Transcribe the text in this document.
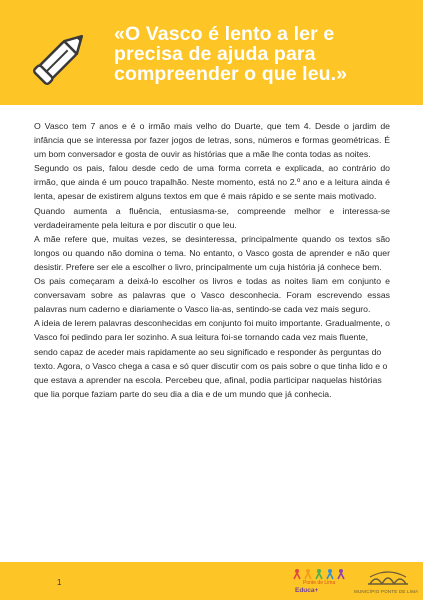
«O Vasco é lento a ler e
precisa de ajuda para
compreender o que leu.»

O Vasco tem 7 anos e é o irmão mais velho do Duarte, que tem 4. Desde o jardim de infância que se interessa por fazer jogos de letras, sons, números e formas geométricas. É um bom conversador e gosta de ouvir as histórias que a mãe lhe conta todas as noites.

Segundo os pais, falou desde cedo de uma forma correta e explicada, ao contrário do irmão, que ainda é um pouco trapalhão. Neste momento, está no 2.º ano e a leitura ainda é lenta, apesar de existirem alguns textos em que é mais rápido e se sente mais motivado.

Quando aumenta a fluência, entusiasma-se, compreende melhor e interessa-se verdadeiramente pela leitura e por discutir o que leu.

A mãe refere que, muitas vezes, se desinteressa, principalmente quando os textos são longos ou quando não domina o tema. No entanto, o Vasco gosta de aprender e não quer desistir. Prefere ser ele a escolher o livro, principalmente um cuja história já conhece bem.

Os pais começaram a deixá-lo escolher os livros e todas as noites liam em conjunto e conversavam sobre as palavras que o Vasco desconhecia. Foram escrevendo essas palavras num caderno e diariamente o Vasco lia-as, sentindo-se cada vez mais seguro.

A ideia de lerem palavras desconhecidas em conjunto foi muito importante. Gradualmente, o Vasco foi pedindo para ler sozinho. A sua leitura foi-se tornando cada vez mais fluente, sendo capaz de aceder mais rapidamente ao seu significado e responder às perguntas do texto. Agora, o Vasco chega a casa e só quer discutir com os pais sobre o que tinha lido e o que estava a aprender na escola. Percebeu que, afinal, podia participar naquelas histórias que lia porque faziam parte do seu dia a dia e de um mundo que já conhecia.

1	Ponte de Lima
Educa+	MUNICÍPIO PONTE DE LIMA
